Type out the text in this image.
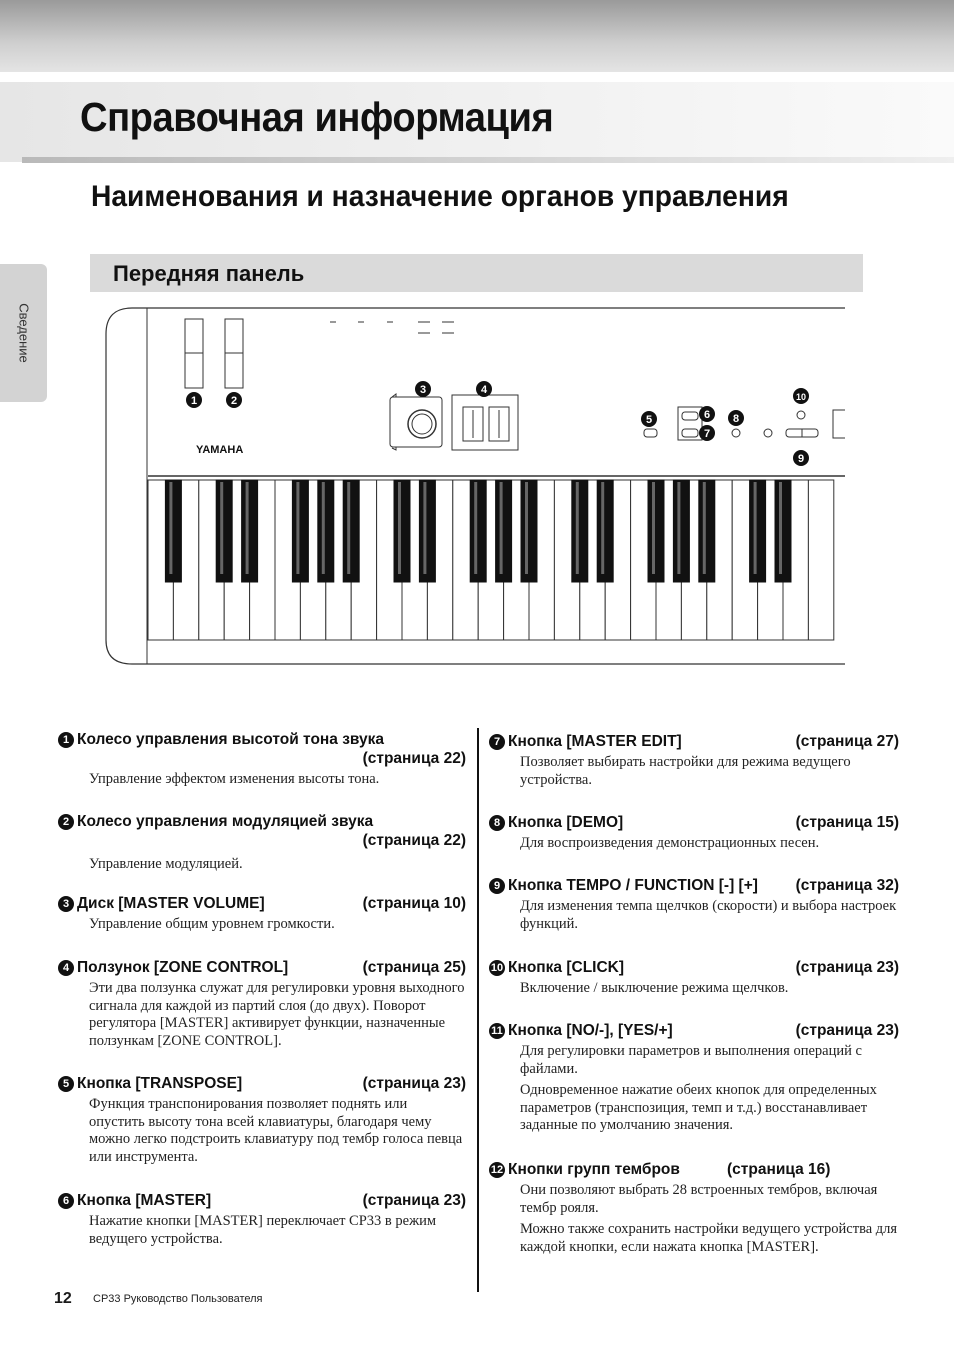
Справочная информация
Наименования и назначение органов управления
Передняя панель
Сведение
YAMAHA
1	2
3	4
5	6
7
8
9
10
1 Колесо управления высотой тона звука
(страница 22)

Управление эффектом изменения высоты тона.

2 Колесо управления модуляцией звука
(страница 22)

Управление модуляцией.

3 Диск [MASTER VOLUME]	(страница 10)

Управление общим уровнем громкости.

4 Ползунок [ZONE CONTROL]	(страница 25)

Эти два ползунка служат для регулировки уровня выходного сигнала для каждой из партий слоя (до двух). Поворот регулятора [MASTER] активирует функции, назначенные ползункам [ZONE CONTROL].

5 Кнопка [TRANSPOSE]	(страница 23)

Функция транспонирования позволяет поднять или опустить высоту тона всей клавиатуры, благодаря чему можно легко подстроить клавиатуру под тембр голоса певца или инструмента.

6 Кнопка [MASTER]	(страница 23)

Нажатие кнопки [MASTER] переключает CP33 в режим ведущего устройства.

7 Кнопка [MASTER EDIT]	(страница 27)

Позволяет выбирать настройки для режима ведущего устройства.

8 Кнопка [DEMO]	(страница 15)

Для воспроизведения демонстрационных песен.

9 Кнопка TEMPO / FUNCTION [-] [+] (страница 32)

Для изменения темпа щелчков (скорости) и выбора настроек функций.

10 Кнопка [CLICK]	(страница 23)

Включение / выключение режима щелчков.

11 Кнопка [NO/-], [YES/+]	(страница 23)

Для регулировки параметров и выполнения операций с файлами.

Одновременное нажатие обеих кнопок для определенных параметров (транспозиция, темп и т.д.) восстанавливает заданные по умолчанию значения.

12 Кнопки групп тембров	(страница 16)

Они позволяют выбрать 28 встроенных тембров, включая тембр рояля.

Можно также сохранить настройки ведущего устройства для каждой кнопки, если нажата кнопка [MASTER].

12 CP33 Руководство Пользователя
